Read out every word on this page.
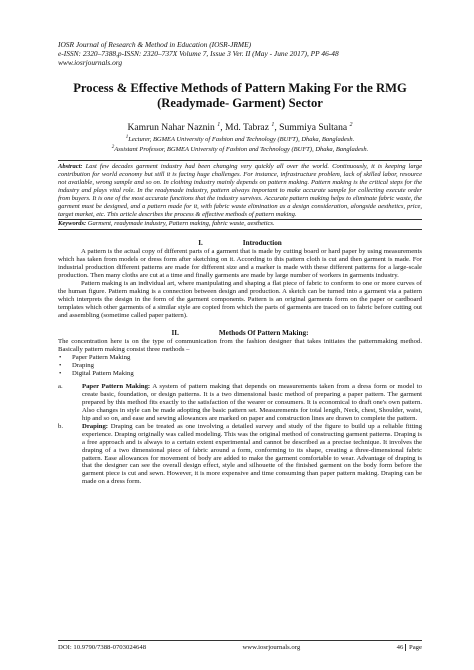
IOSR Journal of Research & Method in Education (IOSR-JRME)
e-ISSN: 2320–7388,p-ISSN: 2320–737X Volume 7, Issue 3 Ver. II (May - June 2017), PP 46-48
www.iosrjournals.org
Process & Effective Methods of Pattern Making For the RMG
(Readymade- Garment) Sector
Kamrun Nahar Naznin $^1$, Md. Tabraz $^1$, Summiya Sultana $^2$
$^1$Lecturer, BGMEA University of Fashion and Technology (BUFT), Dhaka, Bangladesh.
$^2$Assistant Professor, BGMEA University of Fashion and Technology (BUFT), Dhaka, Bangladesh.
Abstract: Last few decades garment industry had been changing very quickly all over the world. Continuously, it is keeping large contribution for world economy but still it is facing huge challenges. For instance, infrastructure problem, lack of skilled labor, resource not available, wrong sample and so on. In clothing industry mainly depends on pattern making. Pattern making is the critical steps for the industry and plays vital role. In the readymade industry, pattern always important to make accurate sample for collecting execute order from buyers. It is one of the most accurate functions that the industry survives. Accurate pattern making helps to eliminate fabric waste, the garment must be designed, and a pattern made for it, with fabric waste elimination as a design consideration, alongside aesthetics, price, target market, etc. This article describes the process & effective methods of pattern making.
Keywords: Garment, readymade industry, Pattern making, fabric waste, aesthetics.
I.	Introduction

A pattern is the actual copy of different parts of a garment that is made by cutting board or hard paper by using measurements which has taken from models or dress form after sketching on it. According to this pattern cloth is cut and then garment is made. For industrial production different patterns are made for different size and a marker is made with these different patterns for a large-scale production. Then many cloths are cut at a time and finally garments are made by large number of workers in garments industry.

Pattern making is an individual art, where manipulating and shaping a flat piece of fabric to conform to one or more curves of the human figure. Pattern making is a connection between design and production. A sketch can be turned into a garment via a pattern which interprets the design in the form of the garment components. Pattern is an original garments form on the paper or cardboard templates which other garments of a similar style are copied from which the parts of garments are traced on to fabric before cutting out and assembling (sometime called paper pattern).

II.	Methods Of Pattern Making:

The concentration here is on the type of communication from the fashion designer that takes initiates the patternmaking method. Basically pattern making consist three methods –

• Paper Pattern Making
• Draping
• Digital Pattern Making
a.	Paper Pattern Making: A system of pattern making that depends on measurements taken from a dress form or model to create basic, foundation, or design patterns. It is a two dimensional basic method of preparing a paper pattern. The garment prepared by this method fits exactly to the satisfaction of the wearer or consumers. It is economical to draft one's own pattern. Also changes in style can be made adopting the basic pattern set. Measurements for total length, Neck, chest, Shoulder, waist, hip and so on, and ease and sewing allowances are marked on paper and construction lines are drawn to complete the pattern.
b.	Draping: Draping can be treated as one involving a detailed survey and study of the figure to build up a reliable fitting experience. Draping originally was called modeling. This was the original method of constructing garment patterns. Draping is a free approach and is always to a certain extent experimental and cannot be described as a precise technique. It involves the draping of a two dimensional piece of fabric around a form, conforming to its shape, creating a three-dimensional fabric pattern. Ease allowances for movement of body are added to make the garment comfortable to wear. Advantage of draping is that the designer can see the overall design effect, style and silhouette of the finished garment on the body form before the garment piece is cut and sewn. However, it is more expensive and time consuming than paper pattern making. Draping can be made on a dress form.
DOI: 10.9790/7388-0703024648	www.iosrjournals.org	46 Page
